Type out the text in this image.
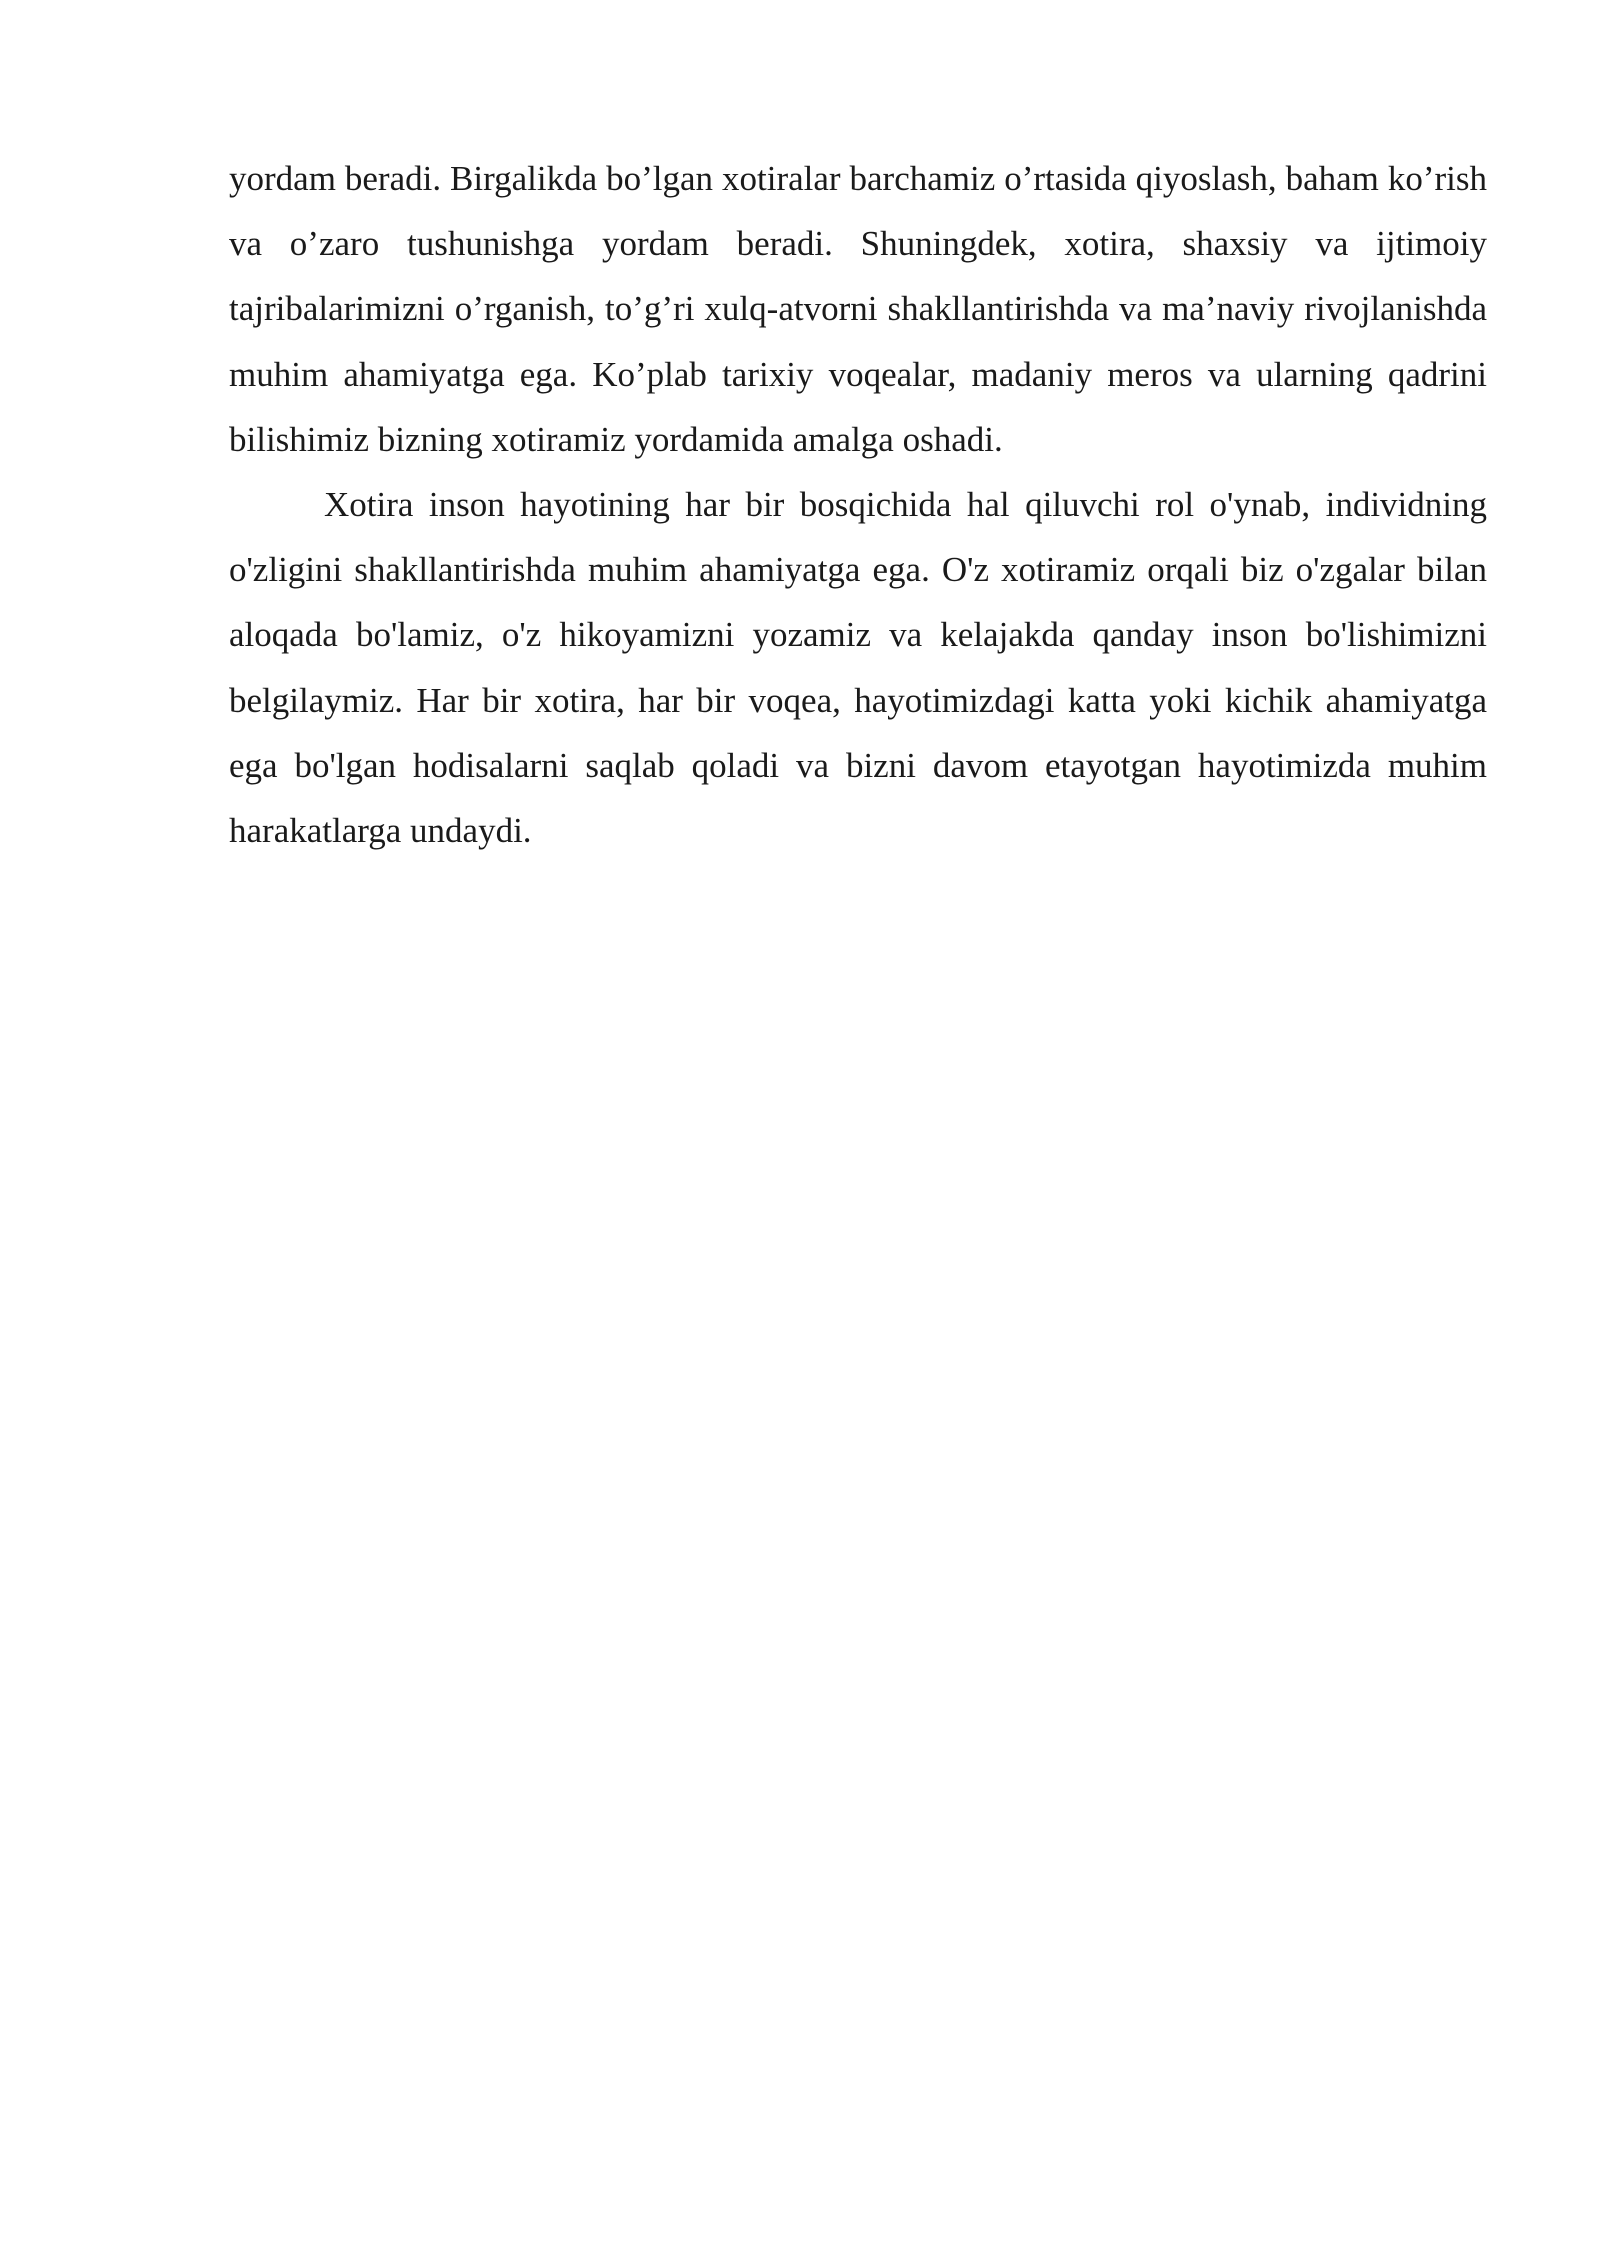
yordam beradi. Birgalikda bo’lgan xotiralar barchamiz o’rtasida qiyoslash, baham ko’rish va o’zaro tushunishga yordam beradi. Shuningdek, xotira, shaxsiy va ijtimoiy tajribalarimizni o’rganish, to’g’ri xulq-atvorni shakllantirishda va ma’naviy rivojlanishda muhim ahamiyatga ega. Ko’plab tarixiy voqealar, madaniy meros va ularning qadrini bilishimiz bizning xotiramiz yordamida amalga oshadi.

Xotira inson hayotining har bir bosqichida hal qiluvchi rol o'ynab, individning o'zligini shakllantirishda muhim ahamiyatga ega. O'z xotiramiz orqali biz o'zgalar bilan aloqada bo'lamiz, o'z hikoyamizni yozamiz va kelajakda qanday inson bo'lishimizni belgilaymiz. Har bir xotira, har bir voqea, hayotimizdagi katta yoki kichik ahamiyatga ega bo'lgan hodisalarni saqlab qoladi va bizni davom etayotgan hayotimizda muhim harakatlarga undaydi.
